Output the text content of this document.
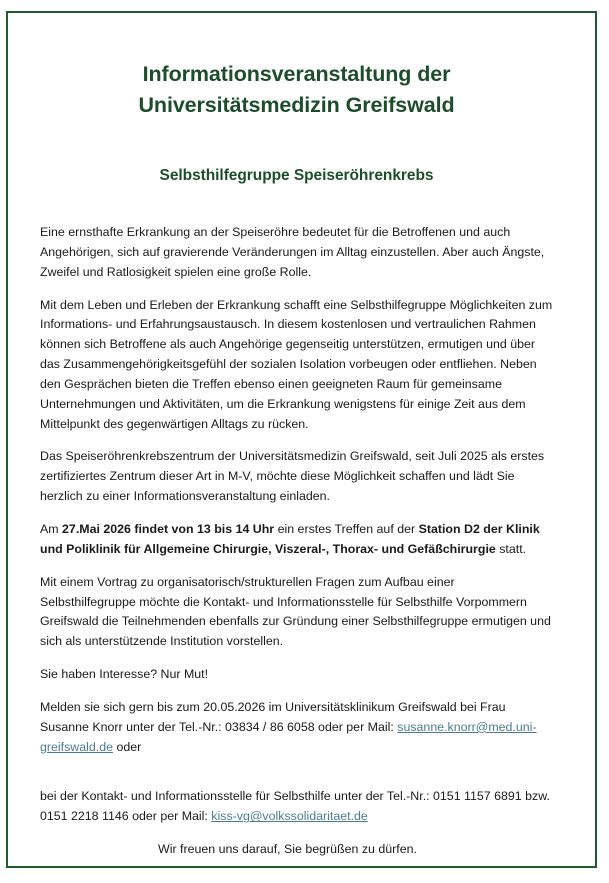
Informationsveranstaltung der
Universitätsmedizin Greifswald
Selbsthilfegruppe Speiseröhrenkrebs

Eine ernsthafte Erkrankung an der Speiseröhre bedeutet für die Betroffenen und auch Angehörigen, sich auf gravierende Veränderungen im Alltag einzustellen. Aber auch Ängste, Zweifel und Ratlosigkeit spielen eine große Rolle.

Mit dem Leben und Erleben der Erkrankung schafft eine Selbsthilfegruppe Möglichkeiten zum Informations- und Erfahrungsaustausch. In diesem kostenlosen und vertraulichen Rahmen können sich Betroffene als auch Angehörige gegenseitig unterstützen, ermutigen und über das Zusammengehörigkeitsgefühl der sozialen Isolation vorbeugen oder entfliehen. Neben den Gesprächen bieten die Treffen ebenso einen geeigneten Raum für gemeinsame Unternehmungen und Aktivitäten, um die Erkrankung wenigstens für einige Zeit aus dem Mittelpunkt des gegenwärtigen Alltags zu rücken.

Das Speiseröhrenkrebszentrum der Universitätsmedizin Greifswald, seit Juli 2025 als erstes zertifiziertes Zentrum dieser Art in M-V, möchte diese Möglichkeit schaffen und lädt Sie herzlich zu einer Informationsveranstaltung einladen.

Am 27.Mai 2026 findet von 13 bis 14 Uhr ein erstes Treffen auf der Station D2 der Klinik und Poliklinik für Allgemeine Chirurgie, Viszeral-, Thorax- und Gefäßchirurgie statt.

Mit einem Vortrag zu organisatorisch/strukturellen Fragen zum Aufbau einer Selbsthilfegruppe möchte die Kontakt- und Informationsstelle für Selbsthilfe Vorpommern Greifswald die Teilnehmenden ebenfalls zur Gründung einer Selbsthilfegruppe ermutigen und sich als unterstützende Institution vorstellen.

Sie haben Interesse? Nur Mut!

Melden sie sich gern bis zum 20.05.2026 im Universitätsklinikum Greifswald bei Frau Susanne Knorr unter der Tel.-Nr.: 03834 / 86 6058 oder per Mail: susanne.knorr@med.uni-greifswald.de oder

bei der Kontakt- und Informationsstelle für Selbsthilfe unter der Tel.-Nr.: 0151 1157 6891 bzw. 0151 2218 1146 oder per Mail: kiss-vg@volkssolidaritaet.de

Wir freuen uns darauf, Sie begrüßen zu dürfen.
